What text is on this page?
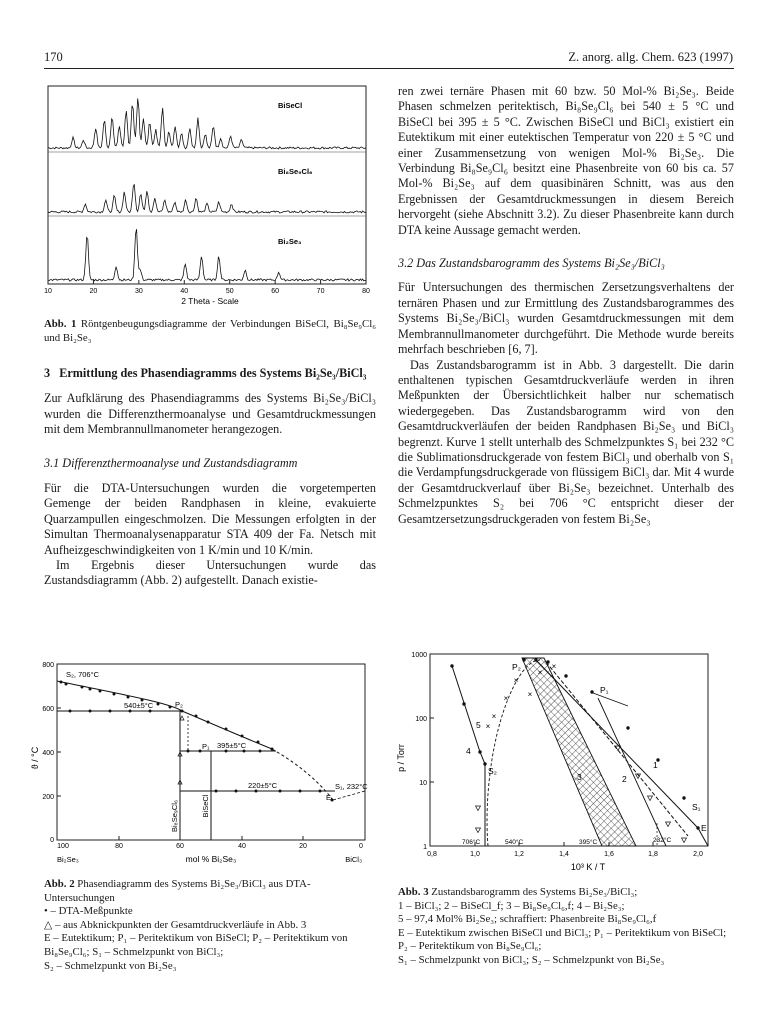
170	Z. anorg. allg. Chem. 623 (1997)
BiSeCl
Bi₈Se₉Cl₆
Bi₂Se₃
10	20	30	40	50	60	70	80
2 Theta - Scale
Abb. 1 Röntgenbeugungsdiagramme der Verbindungen BiSeCl, Bi₈Se₉Cl₆ und Bi₂Se₃
3 Ermittlung des Phasendiagramms des Systems Bi₂Se₃/BiCl₃

Zur Aufklärung des Phasendiagramms des Systems Bi₂Se₃/BiCl₃ wurden die Differenzthermoanalyse und Gesamtdruckmessungen mit dem Membrannullmanometer herangezogen.

3.1 Differenzthermoanalyse und Zustandsdiagramm

Für die DTA-Untersuchungen wurden die vorgetemperten Gemenge der beiden Randphasen in kleine, evakuierte Quarzampullen eingeschmolzen. Die Messungen erfolgten in der Simultan Thermoanalysenapparatur STA 409 der Fa. Netsch mit Aufheizgeschwindigkeiten von 1 K/min und 10 K/min.

Im Ergebnis dieser Untersuchungen wurde das Zustandsdiagramm (Abb. 2) aufgestellt. Danach existie-

ren zwei ternäre Phasen mit 60 bzw. 50 Mol-% Bi₂Se₃. Beide Phasen schmelzen peritektisch, Bi₈Se₉Cl₆ bei 540 ± 5 °C und BiSeCl bei 395 ± 5 °C. Zwischen BiSeCl und BiCl₃ existiert ein Eutektikum mit einer eutektischen Temperatur von 220 ± 5 °C und einer Zusammensetzung von wenigen Mol-% Bi₂Se₃. Die Verbindung Bi₈Se₉Cl₆ besitzt eine Phasenbreite von 60 bis ca. 57 Mol-% Bi₂Se₃ auf dem quasibinären Schnitt, was aus den Ergebnissen der Gesamtdruckmessungen in diesem Bereich hervorgeht (siehe Abschnitt 3.2). Zu dieser Phasenbreite kann durch DTA keine Aussage gemacht werden.

3.2 Das Zustandsbarogramm des Systems Bi₂Se₃/BiCl₃

Für Untersuchungen des thermischen Zersetzungsverhaltens der ternären Phasen und zur Ermittlung des Zustandsbarogrammes des Systems Bi₂Se₃/BiCl₃ wurden Gesamtdruckmessungen mit dem Membrannullmanometer durchgeführt. Die Methode wurde bereits mehrfach beschrieben [6, 7].

Das Zustandsbarogramm ist in Abb. 3 dargestellt. Die darin enthaltenen typischen Gesamtdruckverläufe werden in ihren Meßpunkten der Übersichtlichkeit halber nur schematisch wiedergegeben. Das Zustandsbarogramm wird von den Gesamtdruckverläufen der beiden Randphasen Bi₂Se₃ und BiCl₃ begrenzt. Kurve 1 stellt unterhalb des Schmelzpunktes S₁ bei 232 °C die Sublimationsdruckgerade von festem BiCl₃ und oberhalb von S₁ die Verdampfungsdruckgerade von flüssigem BiCl₃ dar. Mit 4 wurde der Gesamtdruckverlauf über Bi₂Se₃ bezeichnet. Unterhalb des Schmelzpunktes S₂ bei 706 °C entspricht dieser der Gesamtzersetzungsdruckgeraden von festem Bi₂Se₃

800
600
400
200
0
100	80	60	40	20	0
ϑ / °C
mol % Bi₂Se₃
Bi₂Se₃	BiCl₃
S₂, 706°C
540±5°C	P₂
P₁ 395±5°C
220±5°C
E
S₁, 232°C
Bi₈Se₉Cl₆	BiSeCl
Abb. 2 Phasendiagramm des Systems Bi₂Se₃/BiCl₃ aus DTA-Untersuchungen
• – DTA-Meßpunkte
△ – aus Abknickpunkten der Gesamtdruckverläufe in Abb. 3
E – Eutektikum; P₁ – Peritektikum von BiSeCl; P₂ – Peritektikum von Bi₈Se₉Cl₆; S₁ – Schmelzpunkt von BiCl₃;
S₂ – Schmelzpunkt von Bi₂Se₃
1000
100
10
1
0,8	1,0	1,2	1,4	1,6	1,8	2,0
p / Torr
10³ K / T
706°C	540°C	395°C	232°C
×
×
×
×
×
×
×
P₂
P₁
S₁
S₂
E
1
2
3
4
5
Abb. 3 Zustandsbarogramm des Systems Bi₂Se₃/BiCl₃;
1 – BiCl₃; 2 – BiSeCl_f; 3 – Bi₈Se₉Cl₆,f; 4 – Bi₂Se₃;
5 – 97,4 Mol% Bi₂Se₃; schraffiert: Phasenbreite Bi₈Se₉Cl₆,f
E – Eutektikum zwischen BiSeCl und BiCl₃; P₁ – Peritektikum von BiSeCl; P₂ – Peritektikum von Bi₈Se₉Cl₆;
S₁ – Schmelzpunkt von BiCl₃; S₂ – Schmelzpunkt von Bi₂Se₃
